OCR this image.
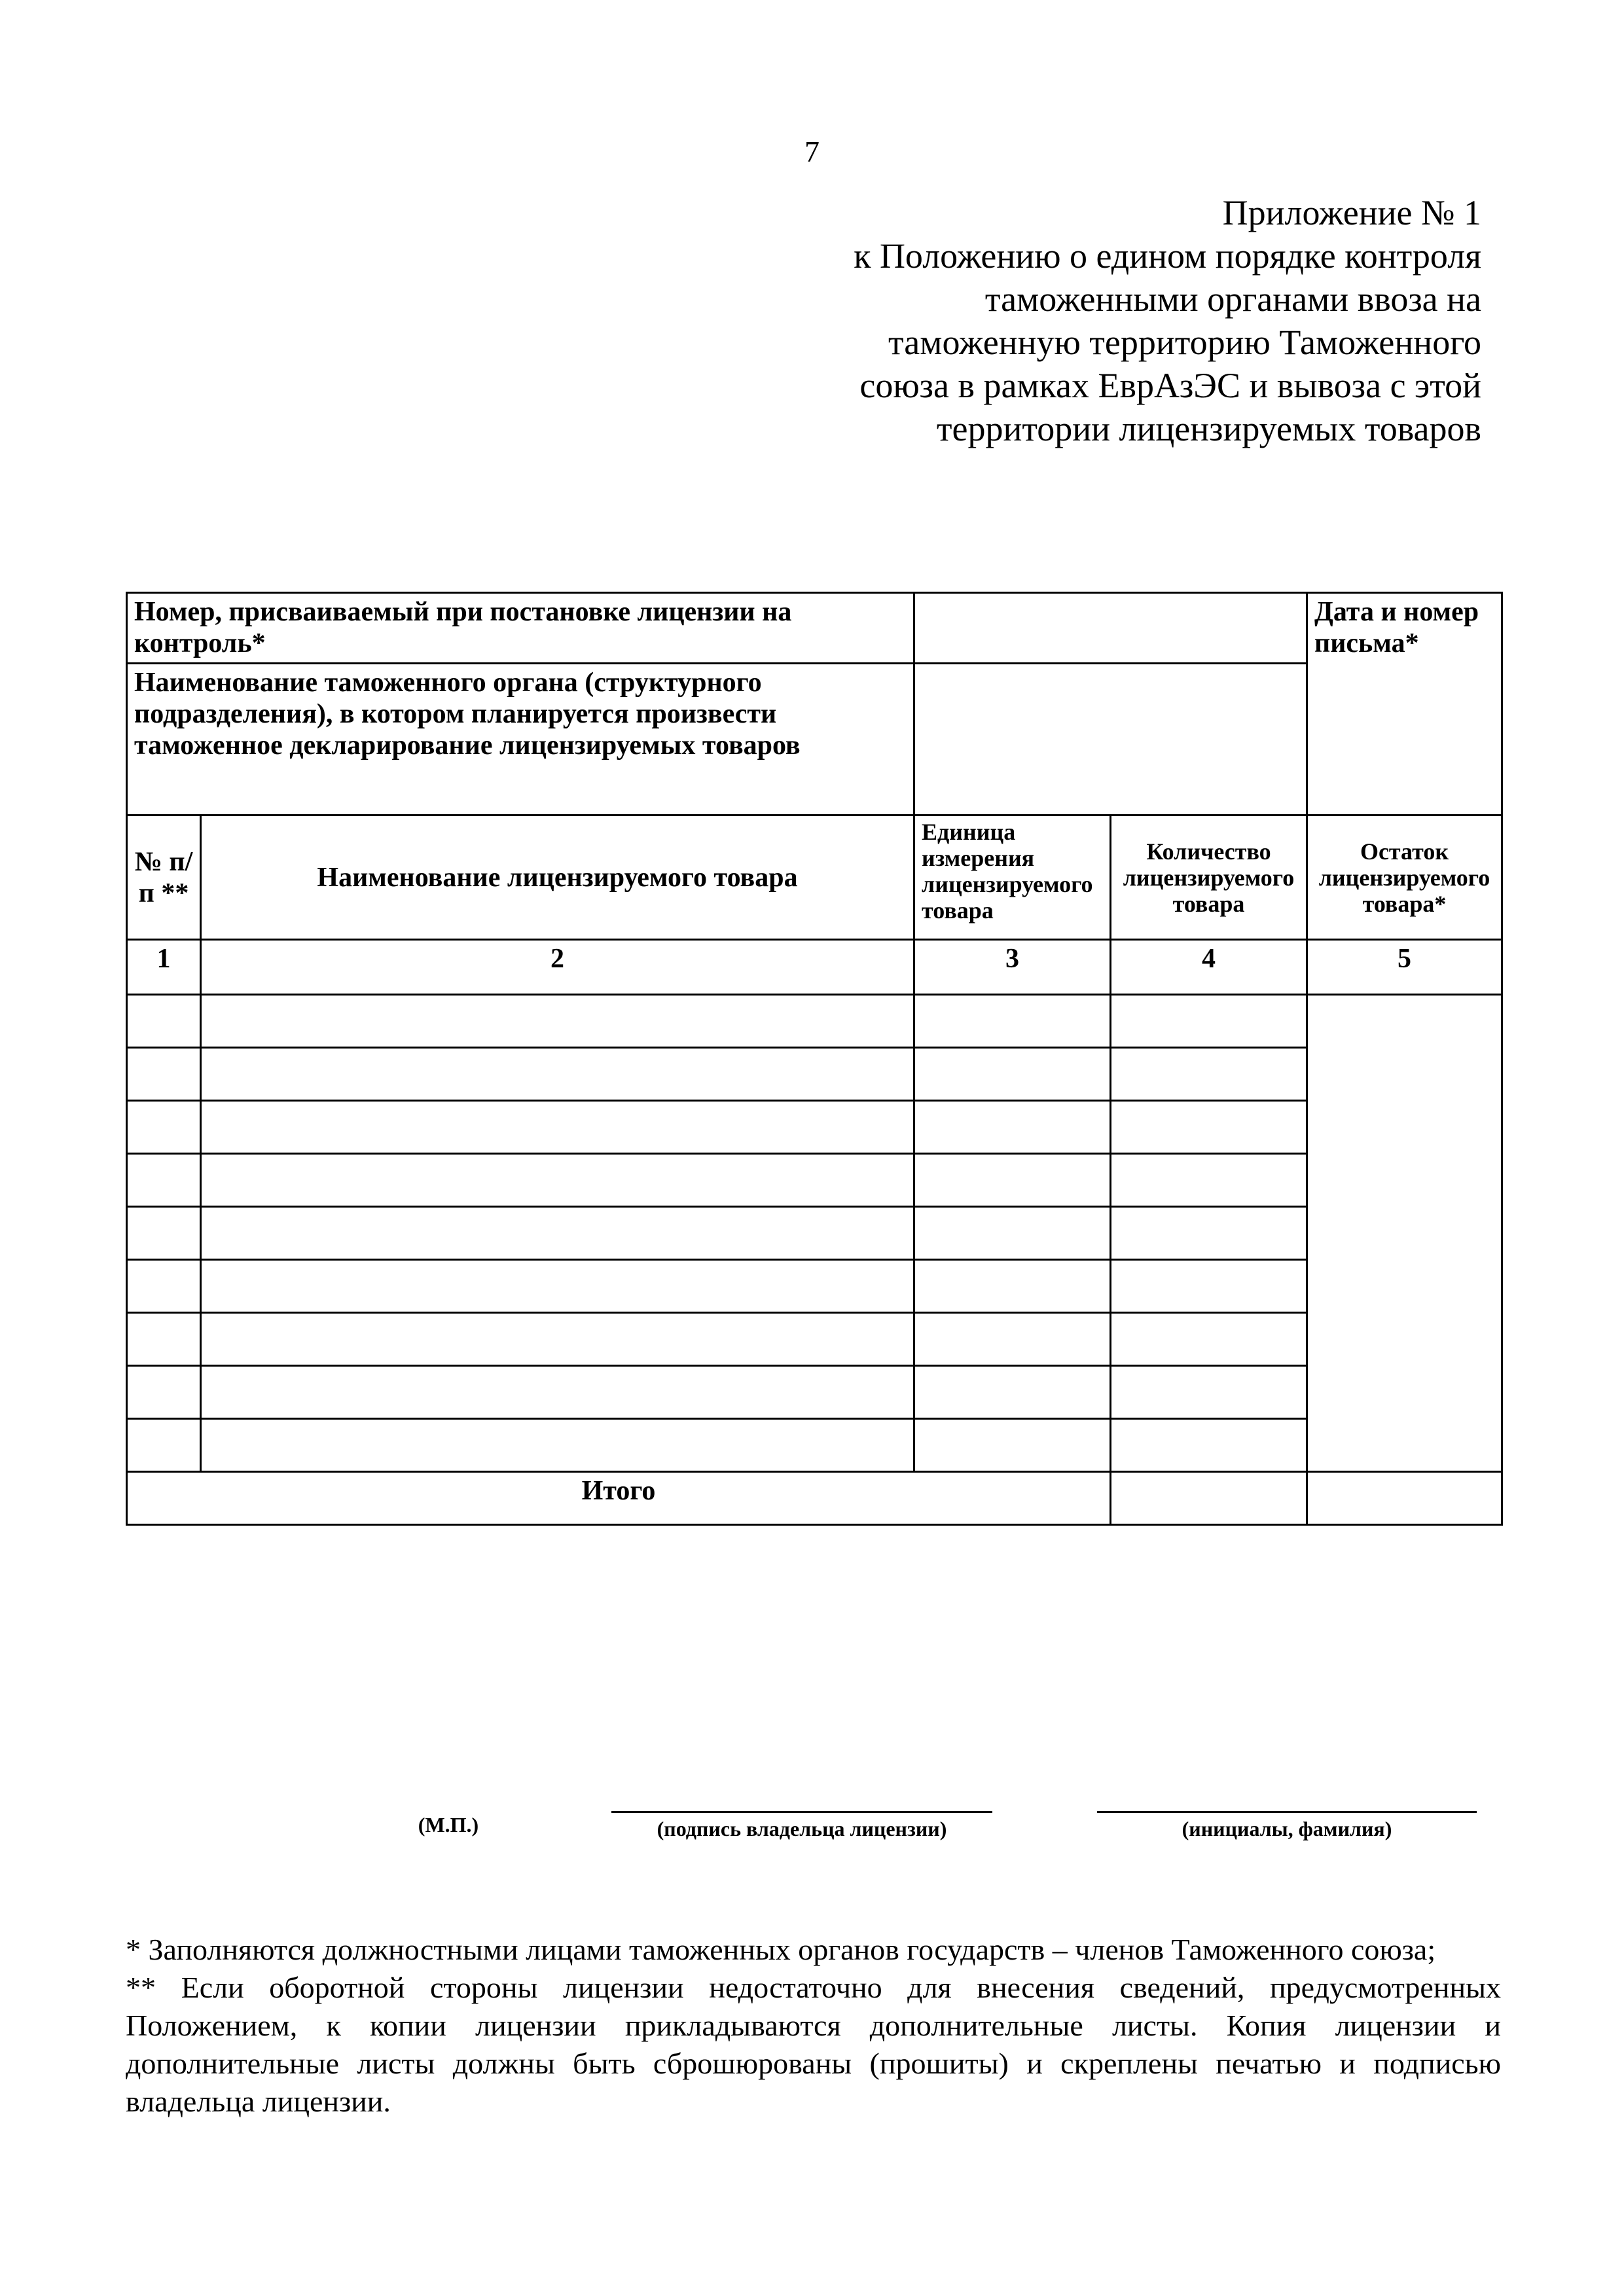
7
Приложение № 1
к Положению о едином порядке контроля
таможенными органами ввоза на
таможенную территорию Таможенного
союза в рамках ЕврАзЭС и вывоза с этой
территории лицензируемых товаров
Номер, присваиваемый при постановке лицензии на контроль*				Дата и номер письма*
Наименование таможенного органа (структурного подразделения), в котором планируется произвести таможенное декларирование лицензируемых товаров				
№ п/п **	Наименование лицензируемого товара	Единица измерения лицензируемого товара	Количество лицензируемого товара	Остаток лицензируемого товара*
1	2	3	4	5

Итого				
(М.П.)	(подпись владельца лицензии)	(инициалы, фамилия)

* Заполняются должностными лицами таможенных органов государств – членов Таможенного союза;

** Если оборотной стороны лицензии недостаточно для внесения сведений, предусмотренных Положением, к копии лицензии прикладываются дополнительные листы. Копия лицензии и дополнительные листы должны быть сброшюрованы (прошиты) и скреплены печатью и подписью владельца лицензии.
